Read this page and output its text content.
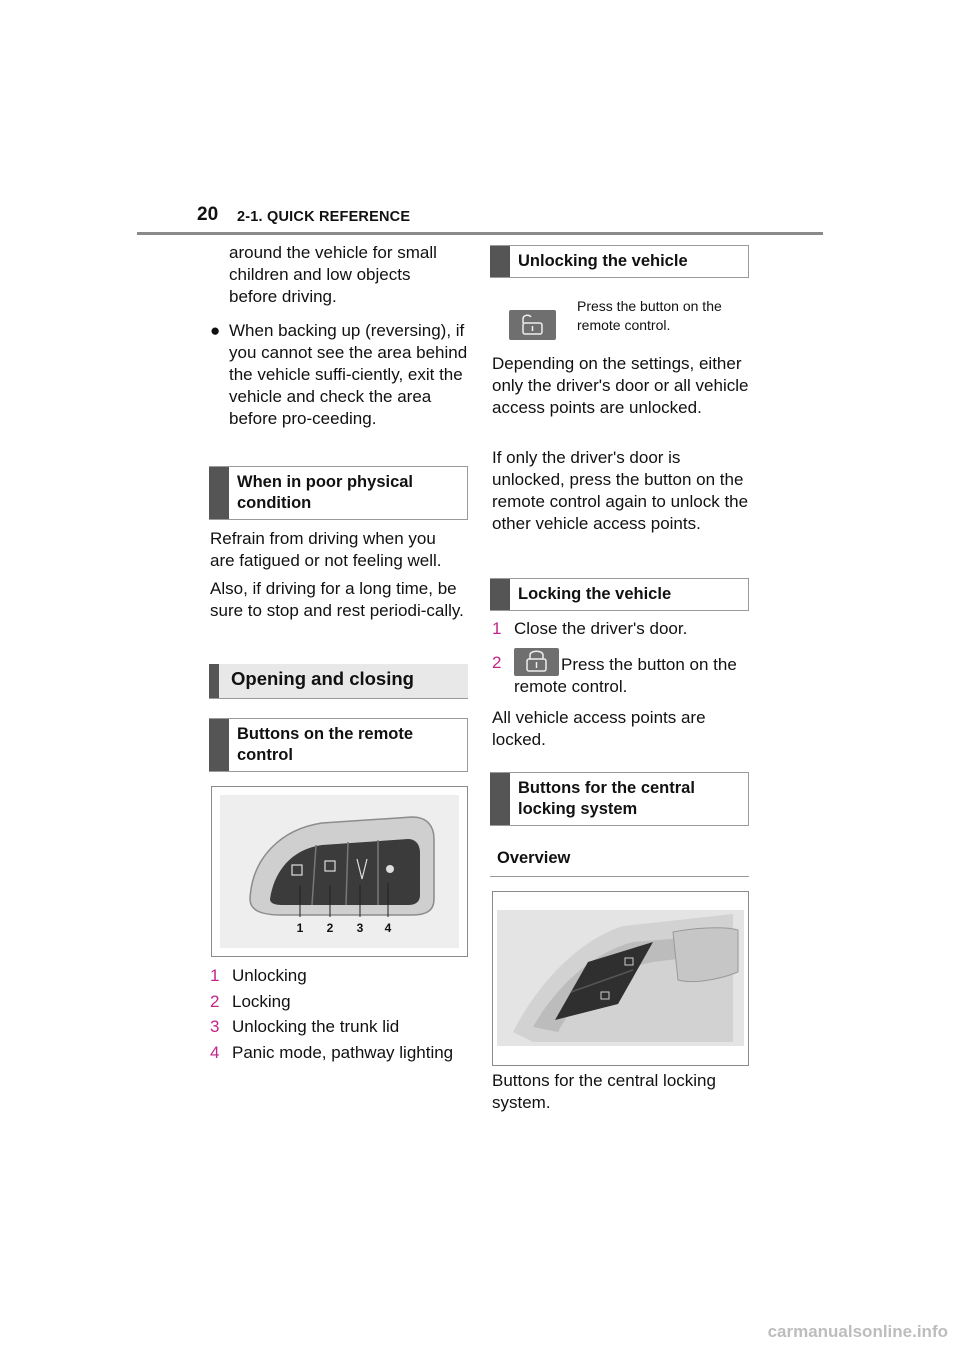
20 2-1. QUICK REFERENCE
around the vehicle for small children and low objects before driving.
● When backing up (reversing), if you cannot see the area behind the vehicle suffi-ciently, exit the vehicle and check the area before pro-ceeding.
When in poor physical condition
Refrain from driving when you are fatigued or not feeling well.
Also, if driving for a long time, be sure to stop and rest periodi-cally.
Opening and closing
Buttons on the remote control
1 2 3 4
1 Unlocking
2 Locking
3 Unlocking the trunk lid
4 Panic mode, pathway lighting
Unlocking the vehicle
Press the button on the remote control.
Depending on the settings, either only the driver's door or all vehicle access points are unlocked.
If only the driver's door is unlocked, press the button on the remote control again to unlock the other vehicle access points.
Locking the vehicle
1 Close the driver's door.
2	Press the button on the remote control.
All vehicle access points are locked.
Buttons for the central locking system
Overview
Buttons for the central locking system.
carmanualsonline.info
